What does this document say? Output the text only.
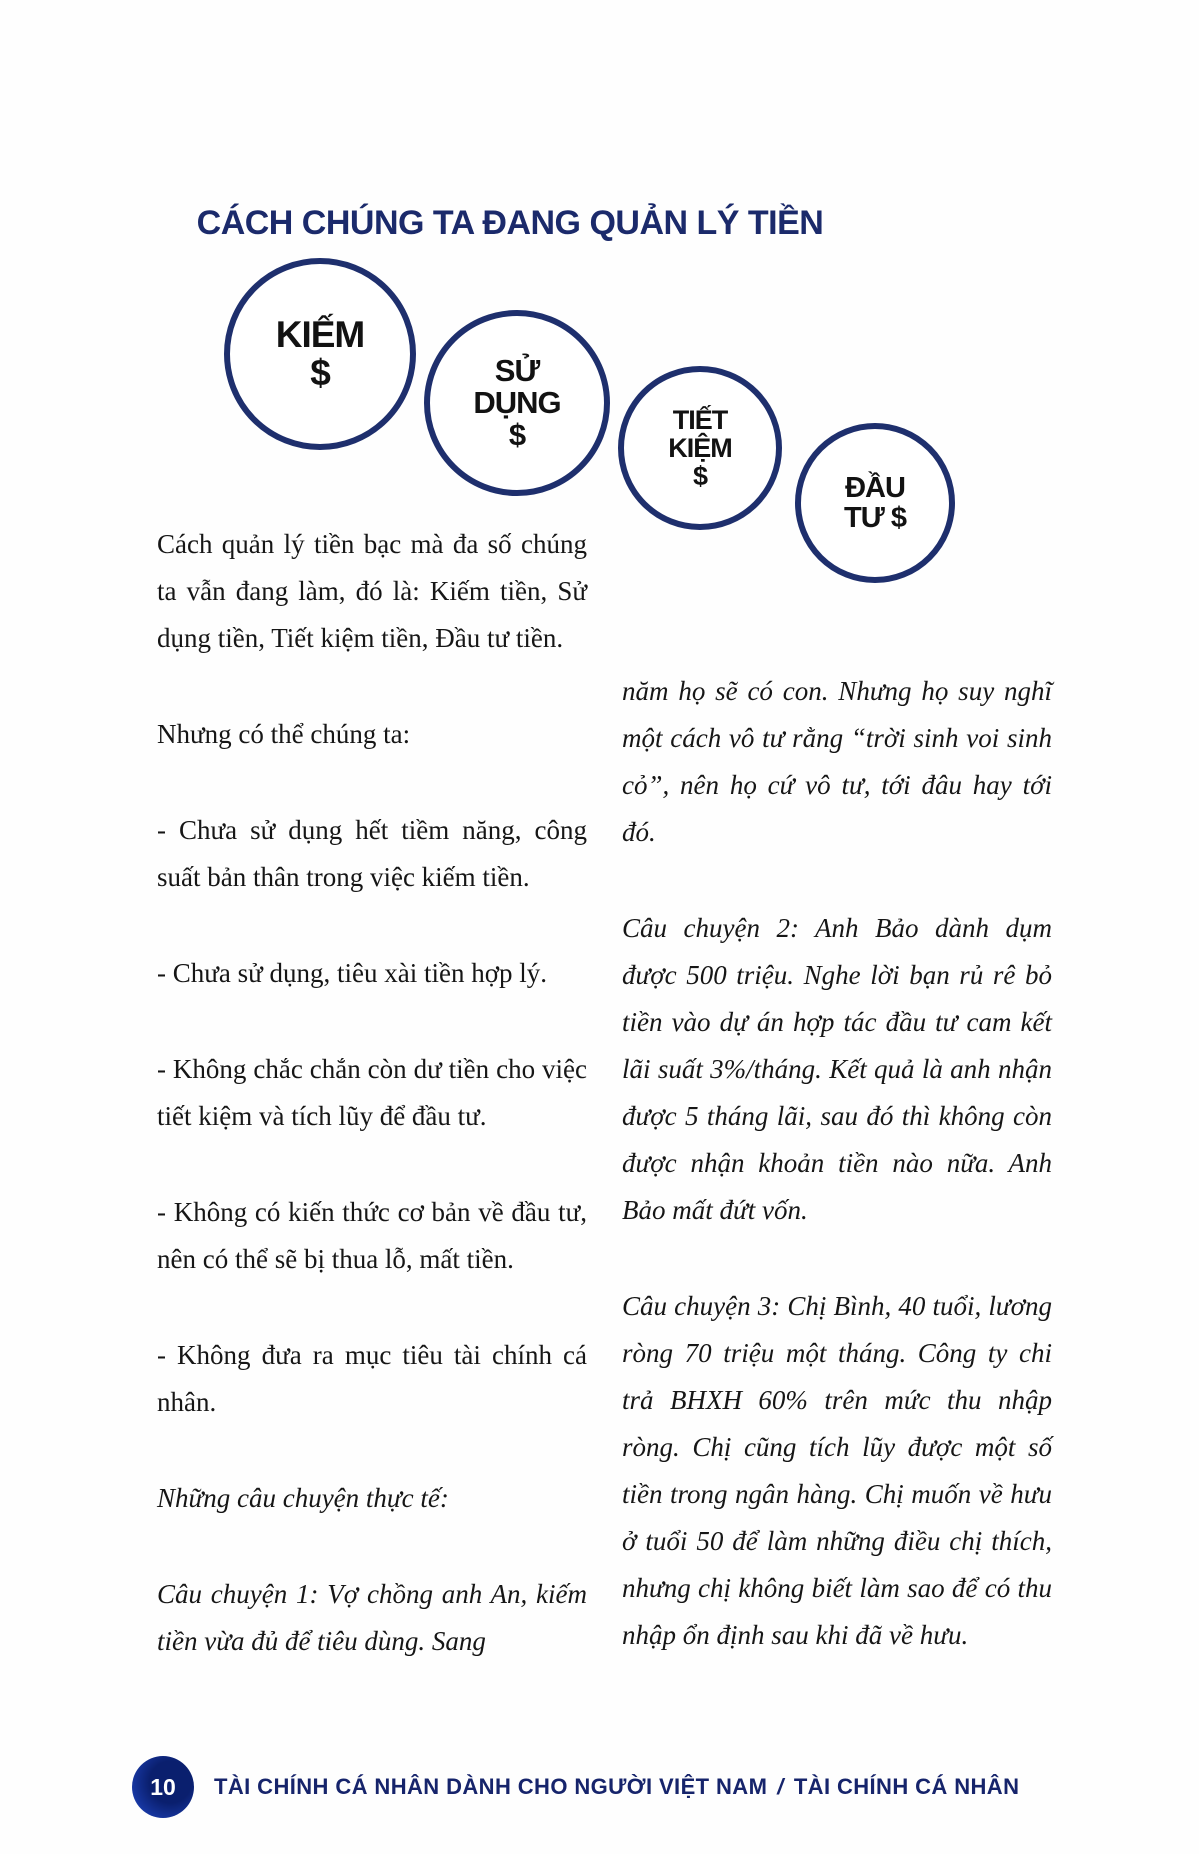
CÁCH CHÚNG TA ĐANG QUẢN LÝ TIỀN
KIẾM
$	SỬ
DỤNG
$	TIẾT
KIỆM
$	ĐẦU
TƯ $

Cách quản lý tiền bạc mà đa số chúng ta vẫn đang làm, đó là: Kiếm tiền, Sử dụng tiền, Tiết kiệm tiền, Đầu tư tiền.

Nhưng có thể chúng ta:

- Chưa sử dụng hết tiềm năng, công suất bản thân trong việc kiếm tiền.

- Chưa sử dụng, tiêu xài tiền hợp lý.

- Không chắc chắn còn dư tiền cho việc tiết kiệm và tích lũy để đầu tư.

- Không có kiến thức cơ bản về đầu tư, nên có thể sẽ bị thua lỗ, mất tiền.

- Không đưa ra mục tiêu tài chính cá nhân.

Những câu chuyện thực tế:

Câu chuyện 1: Vợ chồng anh An, kiếm tiền vừa đủ để tiêu dùng. Sang

năm họ sẽ có con. Nhưng họ suy nghĩ một cách vô tư rằng “trời sinh voi sinh cỏ”, nên họ cứ vô tư, tới đâu hay tới đó.

Câu chuyện 2: Anh Bảo dành dụm được 500 triệu. Nghe lời bạn rủ rê bỏ tiền vào dự án hợp tác đầu tư cam kết lãi suất 3%/tháng. Kết quả là anh nhận được 5 tháng lãi, sau đó thì không còn được nhận khoản tiền nào nữa. Anh Bảo mất đứt vốn.

Câu chuyện 3: Chị Bình, 40 tuổi, lương ròng 70 triệu một tháng. Công ty chi trả BHXH 60% trên mức thu nhập ròng. Chị cũng tích lũy được một số tiền trong ngân hàng. Chị muốn về hưu ở tuổi 50 để làm những điều chị thích, nhưng chị không biết làm sao để có thu nhập ổn định sau khi đã về hưu.

10 TÀI CHÍNH CÁ NHÂN DÀNH CHO NGƯỜI VIỆT NAM / TÀI CHÍNH CÁ NHÂN
